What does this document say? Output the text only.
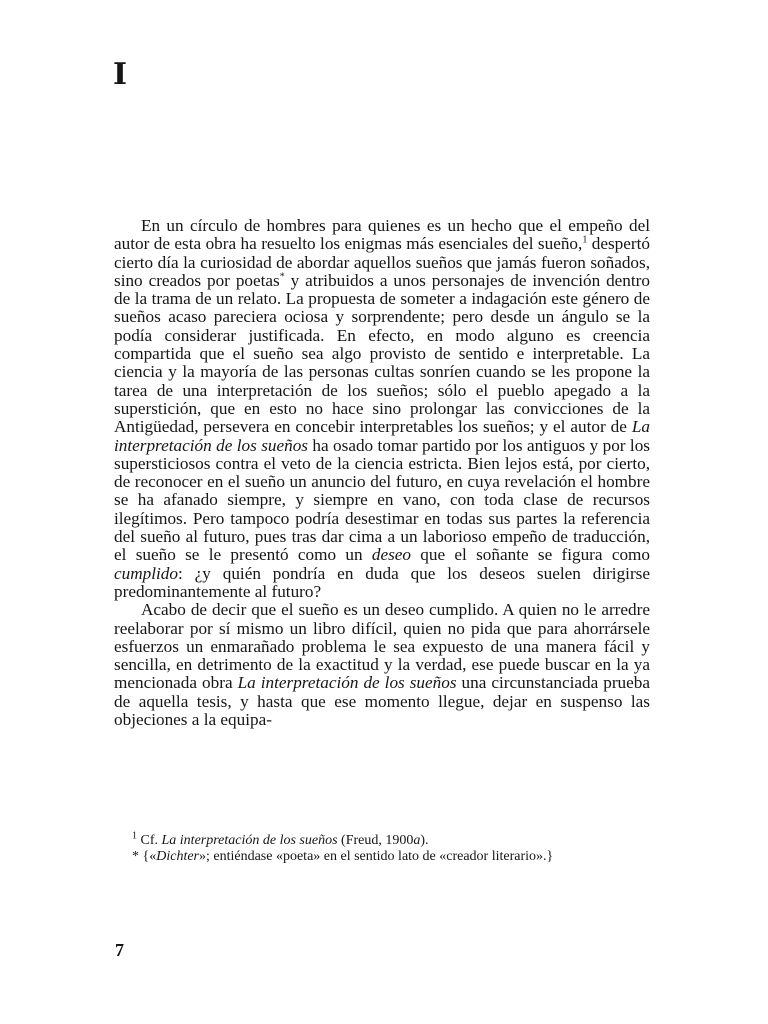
I

En un círculo de hombres para quienes es un hecho que el empeño del autor de esta obra ha resuelto los enigmas más esenciales del sueño,$^1$ despertó cierto día la curiosidad de abordar aquellos sueños que jamás fueron soñados, sino creados por poetas* y atribuidos a unos personajes de invención dentro de la trama de un relato. La propuesta de someter a indagación este género de sueños acaso pareciera ociosa y sorprendente; pero desde un ángulo se la podía considerar justificada. En efecto, en modo alguno es creencia compartida que el sueño sea algo provisto de sentido e interpretable. La ciencia y la mayoría de las personas cultas sonríen cuando se les propone la tarea de una interpretación de los sueños; sólo el pueblo apegado a la superstición, que en esto no hace sino prolongar las convicciones de la Antigüedad, persevera en concebir interpretables los sueños; y el autor de La interpretación de los sueños ha osado tomar partido por los antiguos y por los supersticiosos contra el veto de la ciencia estricta. Bien lejos está, por cierto, de reconocer en el sueño un anuncio del futuro, en cuya revelación el hombre se ha afanado siempre, y siempre en vano, con toda clase de recursos ilegítimos. Pero tampoco podría desestimar en todas sus partes la referencia del sueño al futuro, pues tras dar cima a un laborioso empeño de traducción, el sueño se le presentó como un deseo que el soñante se figura como cumplido: ¿y quién pondría en duda que los deseos suelen dirigirse predominantemente al futuro?

Acabo de decir que el sueño es un deseo cumplido. A quien no le arredre reelaborar por sí mismo un libro difícil, quien no pida que para ahorrársele esfuerzos un enmarañado problema le sea expuesto de una manera fácil y sencilla, en detrimento de la exactitud y la verdad, ese puede buscar en la ya mencionada obra La interpretación de los sueños una circunstanciada prueba de aquella tesis, y hasta que ese momento llegue, dejar en suspenso las objeciones a la equipa-

$^1$ Cf. La interpretación de los sueños (Freud, 1900a).

* {«Dichter»; entiéndase «poeta» en el sentido lato de «creador literario».}

7
